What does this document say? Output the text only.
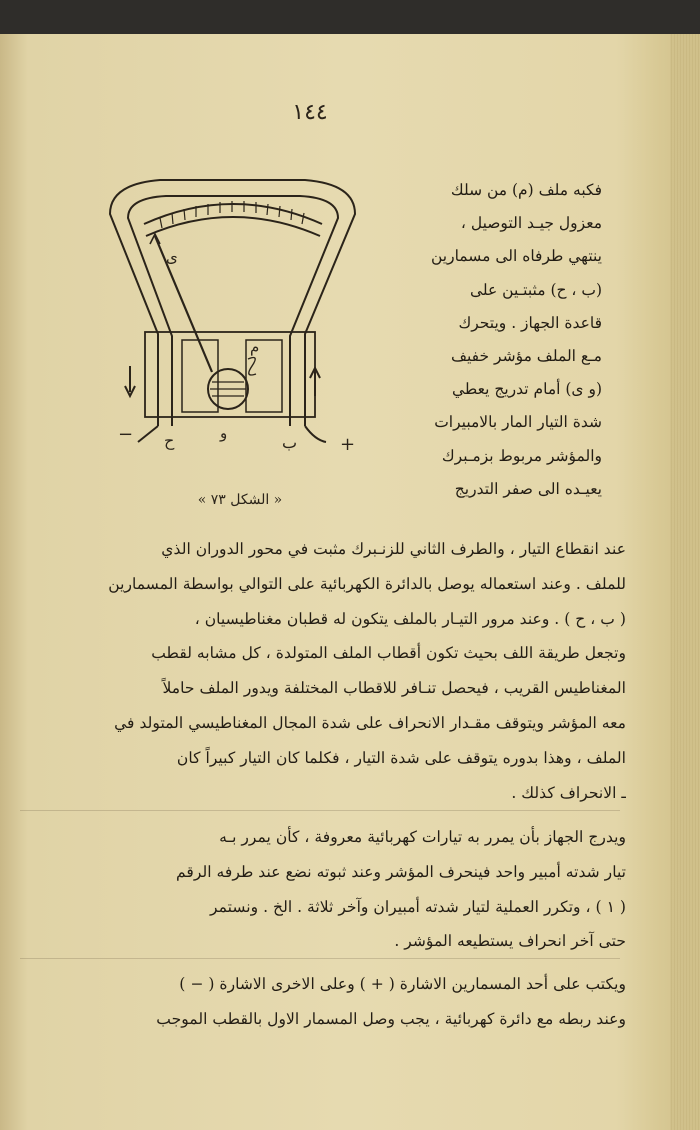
١٤٤
ح	ب +
−
ى
م
و
« الشكل ٧٣ »
فكبه ملف (م) من سلك
معزول جيـد التوصيل ،
ينتهي طرفاه الى مسمارين
(ب ، ح) مثبتـين على
قاعدة الجهاز . ويتحرك
مـع الملف مؤشر خفيف
(و ى) أمام تدريج يعطي
شدة التيار المار بالامبيرات
والمؤشر مربوط بزمـبرك
يعيـده الى صفر التدريج
عند انقطاع التيار ، والطرف الثاني للزنـبرك مثبت في محور الدوران الذي
للملف . وعند استعماله يوصل بالدائرة الكهربائية على التوالي بواسطة المسمارين
( ب ، ح ) . وعند مرور التيـار بالملف يتكون له قطبان مغناطيسيان ،
وتجعل طريقة اللف بحيث تكون أقطاب الملف المتولدة ، كل مشابه لقطب
المغناطيس القريب ، فيحصل تنـافر للاقطاب المختلفة ويدور الملف حاملاً
معه المؤشر ويتوقف مقـدار الانحراف على شدة المجال المغناطيسي المتولد في
الملف ، وهذا بدوره يتوقف على شدة التيار ، فكلما كان التيار كبيراً كان
ـ الانحراف كذلك .
ويدرج الجهاز بأن يمرر به تيارات كهربائية معروفة ، كأن يمرر بـه
تيار شدته أمبير واحد فينحرف المؤشر وعند ثبوته نضع عند طرفه الرقم
( ١ ) ، وتكرر العملية لتيار شدته أمبيران وآخر ثلاثة . الخ . ونستمر
حتى آخر انحراف يستطيعه المؤشر .
ويكتب على أحد المسمارين الاشارة ( + ) وعلى الاخرى الاشارة ( − )
وعند ربطه مع دائرة كهربائية ، يجب وصل المسمار الاول بالقطب الموجب
